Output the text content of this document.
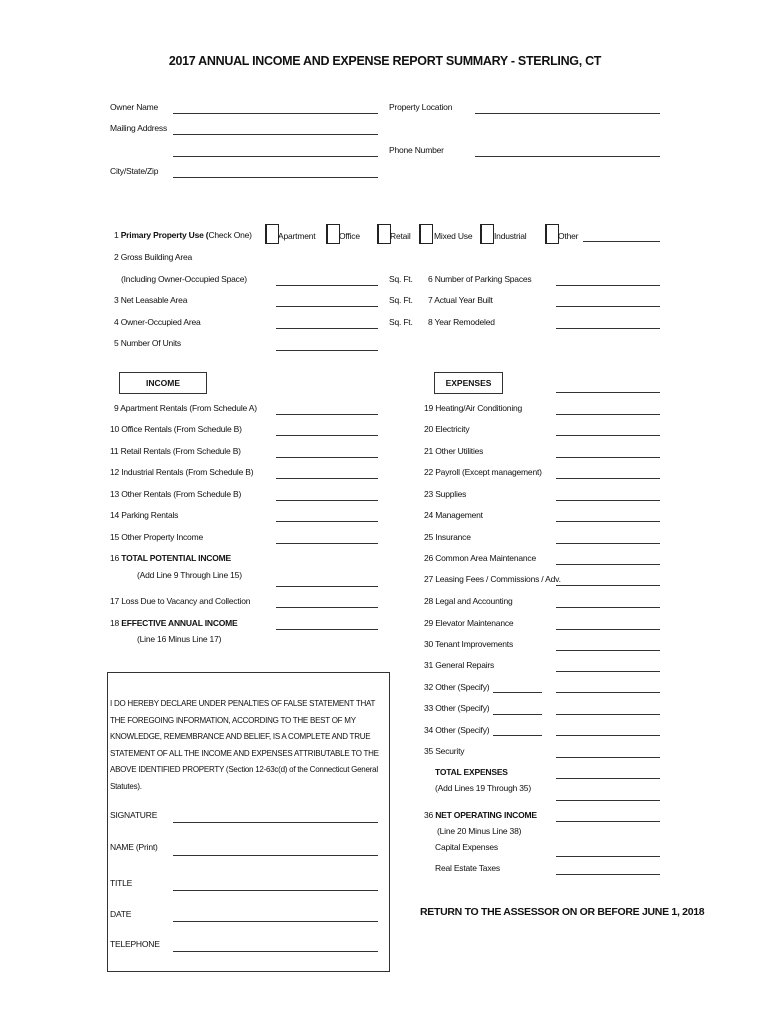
2017 ANNUAL INCOME AND EXPENSE REPORT SUMMARY - STERLING, CT
Owner Name
Mailing Address
City/State/Zip
Property Location
Phone Number
1 Primary Property Use (Check One)	Apartment	Office	Retail	Mixed Use	Industrial	Other
2 Gross Building Area
(Including Owner-Occupied Space)	Sq. Ft.
3 Net Leasable Area	Sq. Ft.
4 Owner-Occupied Area	Sq. Ft.
5 Number Of Units
6 Number of Parking Spaces
7 Actual Year Built
8 Year Remodeled
INCOME	EXPENSES
9 Apartment Rentals (From Schedule A)
10 Office Rentals (From Schedule B)
11 Retail Rentals (From Schedule B)
12 Industrial Rentals (From Schedule B)
13 Other Rentals (From Schedule B)
14 Parking Rentals
15 Other Property Income
16 TOTAL POTENTIAL INCOME
(Add Line 9 Through Line 15)
17 Loss Due to Vacancy and Collection
18 EFFECTIVE ANNUAL INCOME
(Line 16 Minus Line 17)
19 Heating/Air Conditioning
20 Electricity
21 Other Utilities
22 Payroll (Except management)
23 Supplies
24 Management
25 Insurance
26 Common Area Maintenance
27 Leasing Fees / Commissions / Adv.
28 Legal and Accounting
29 Elevator Maintenance
30 Tenant Improvements
31 General Repairs
32 Other (Specify)
33 Other (Specify)
34 Other (Specify)
35 Security
TOTAL EXPENSES
(Add Lines 19 Through 35)
36 NET OPERATING INCOME
(Line 20 Minus Line 38)
Capital Expenses
Real Estate Taxes
I DO HEREBY DECLARE UNDER PENALTIES OF FALSE STATEMENT THAT THE FOREGOING INFORMATION, ACCORDING TO THE BEST OF MY KNOWLEDGE, REMEMBRANCE AND BELIEF, IS A COMPLETE AND TRUE STATEMENT OF ALL THE INCOME AND EXPENSES ATTRIBUTABLE TO THE ABOVE IDENTIFIED PROPERTY (Section 12-63c(d) of the Connecticut General Statutes).
SIGNATURE
NAME (Print)
TITLE
DATE
TELEPHONE
RETURN TO THE ASSESSOR ON OR BEFORE JUNE 1, 2018
